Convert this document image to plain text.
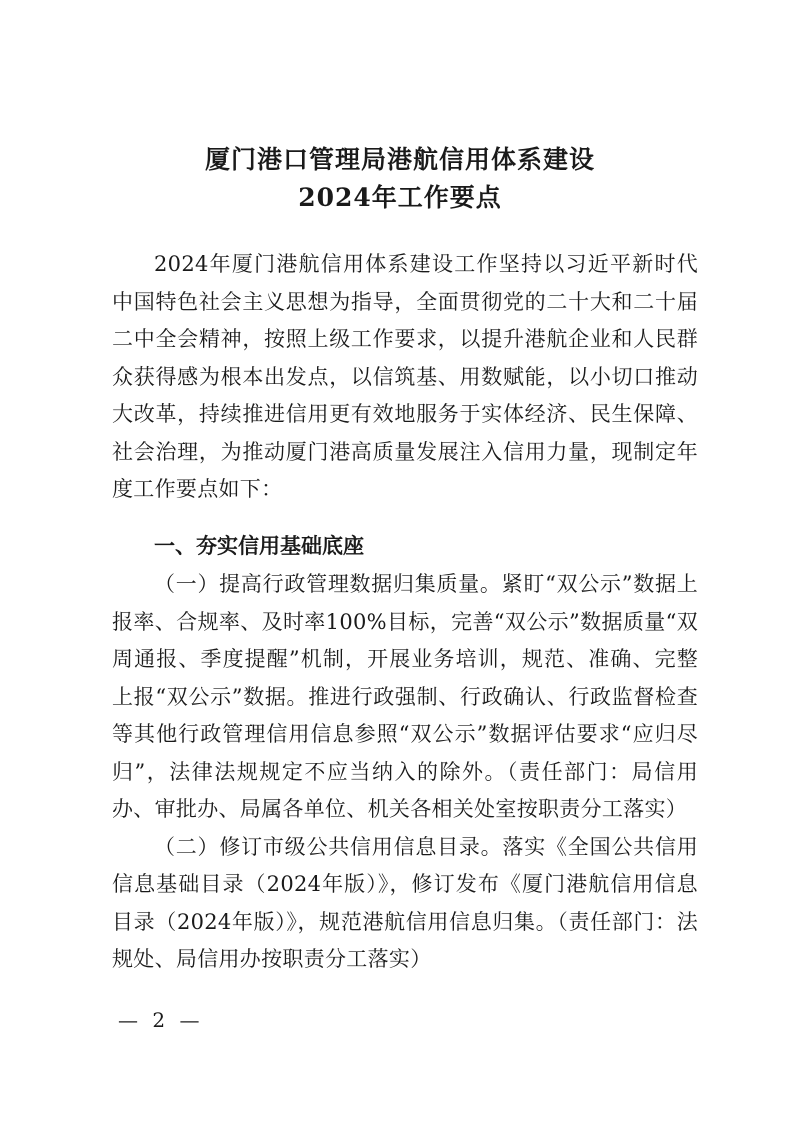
厦门港口管理局港航信用体系建设
2024年工作要点

2024年厦门港航信用体系建设工作坚持以习近平新时代中国特色社会主义思想为指导，全面贯彻党的二十大和二十届二中全会精神，按照上级工作要求，以提升港航企业和人民群众获得感为根本出发点，以信筑基、用数赋能，以小切口推动大改革，持续推进信用更有效地服务于实体经济、民生保障、社会治理，为推动厦门港高质量发展注入信用力量，现制定年度工作要点如下：

一、夯实信用基础底座

（一）提高行政管理数据归集质量。紧盯“双公示”数据上报率、合规率、及时率100%目标，完善“双公示”数据质量“双周通报、季度提醒”机制，开展业务培训，规范、准确、完整上报“双公示”数据。推进行政强制、行政确认、行政监督检查等其他行政管理信用信息参照“双公示”数据评估要求“应归尽归”，法律法规规定不应当纳入的除外。（责任部门：局信用办、审批办、局属各单位、机关各相关处室按职责分工落实）

（二）修订市级公共信用信息目录。落实《全国公共信用信息基础目录（2024年版）》，修订发布《厦门港航信用信息目录（2024年版）》，规范港航信用信息归集。（责任部门：法规处、局信用办按职责分工落实）

— 2 —
